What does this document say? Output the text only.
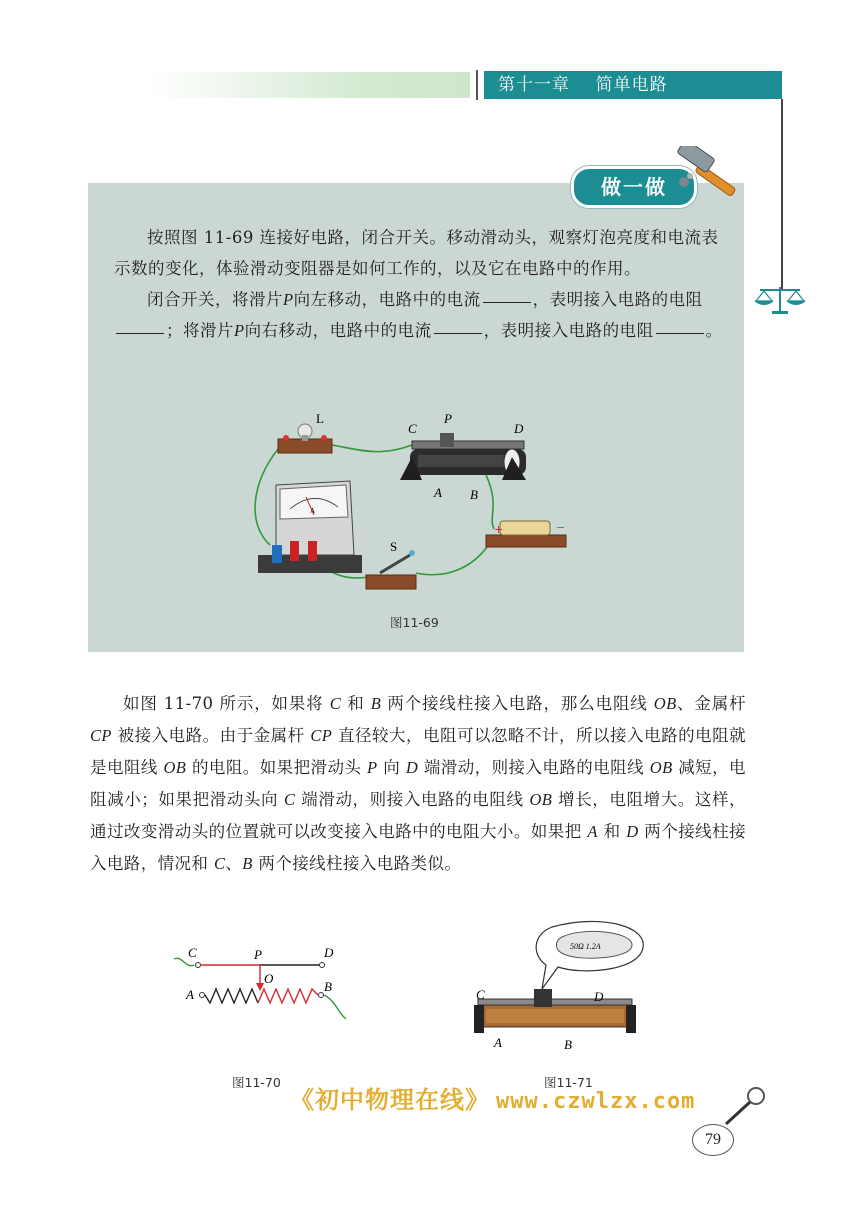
第十一章 简单电路
做一做

按照图 11-69 连接好电路，闭合开关。移动滑动头，观察灯泡亮度和电流表示数的变化，体验滑动变阻器是如何工作的，以及它在电路中的作用。

闭合开关，将滑片P向左移动，电路中的电流	，表明接入电路的电阻；将滑片P向右移动，电路中的电流	，表明接入电路的电阻	。

L
C
P
D
A B
A
+	−
S
图11-69

如图 11-70 所示，如果将 C 和 B 两个接线柱接入电路，那么电阻线 OB、金属杆 CP 被接入电路。由于金属杆 CP 直径较大，电阻可以忽略不计，所以接入电路的电阻就是电阻线 OB 的电阻。如果把滑动头 P 向 D 端滑动，则接入电路的电阻线 OB 减短，电阻减小；如果把滑动头向 C 端滑动，则接入电路的电阻线 OB 增长，电阻增大。这样，通过改变滑动头的位置就可以改变接入电路中的电阻大小。如果把 A 和 D 两个接线柱接入电路，情况和 C、B 两个接线柱接入电路类似。

C	P	D
O
A
B
图11-70
50Ω 1.2A
C	D
A	B
图11-71
《初中物理在线》 www.czwlzx.com
79
